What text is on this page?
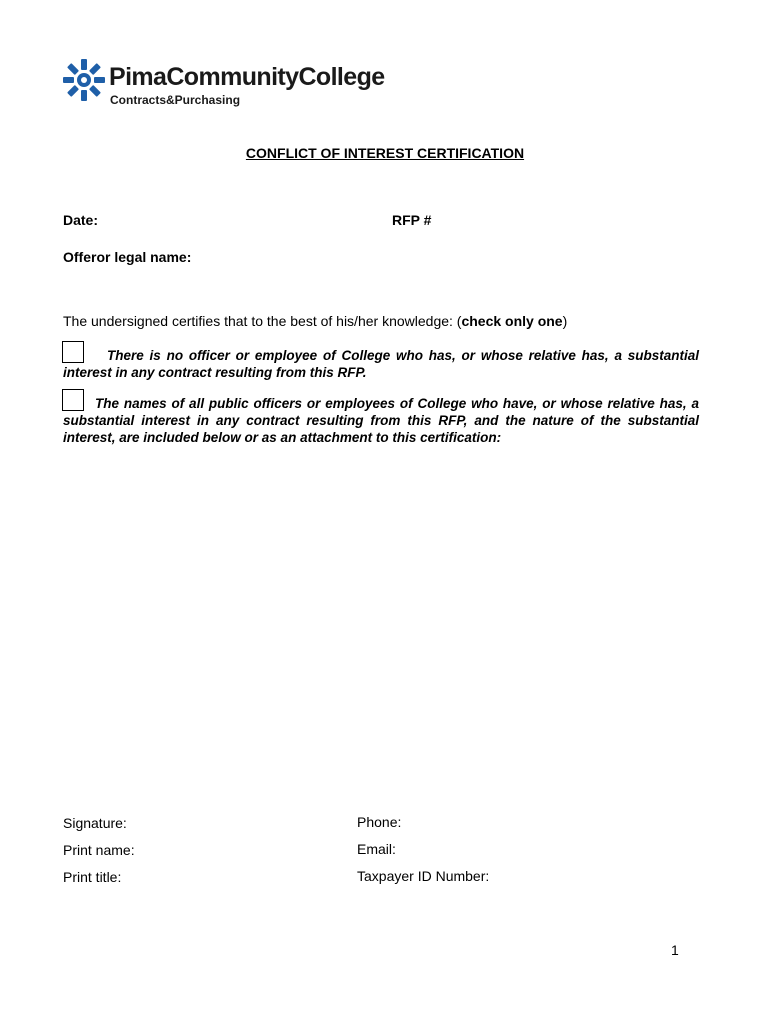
PimaCommunityCollege
Contracts&Purchasing
CONFLICT OF INTEREST CERTIFICATION
Date:	RFP #
Offeror legal name:
The undersigned certifies that to the best of his/her knowledge: (check only one)
There is no officer or employee of College who has, or whose relative has, a substantial interest in any contract resulting from this RFP.
The names of all public officers or employees of College who have, or whose relative has, a substantial interest in any contract resulting from this RFP, and the nature of the substantial interest, are included below or as an attachment to this certification:
Signature:
Print name:
Print title:
Phone:
Email:
Taxpayer ID Number:
1
